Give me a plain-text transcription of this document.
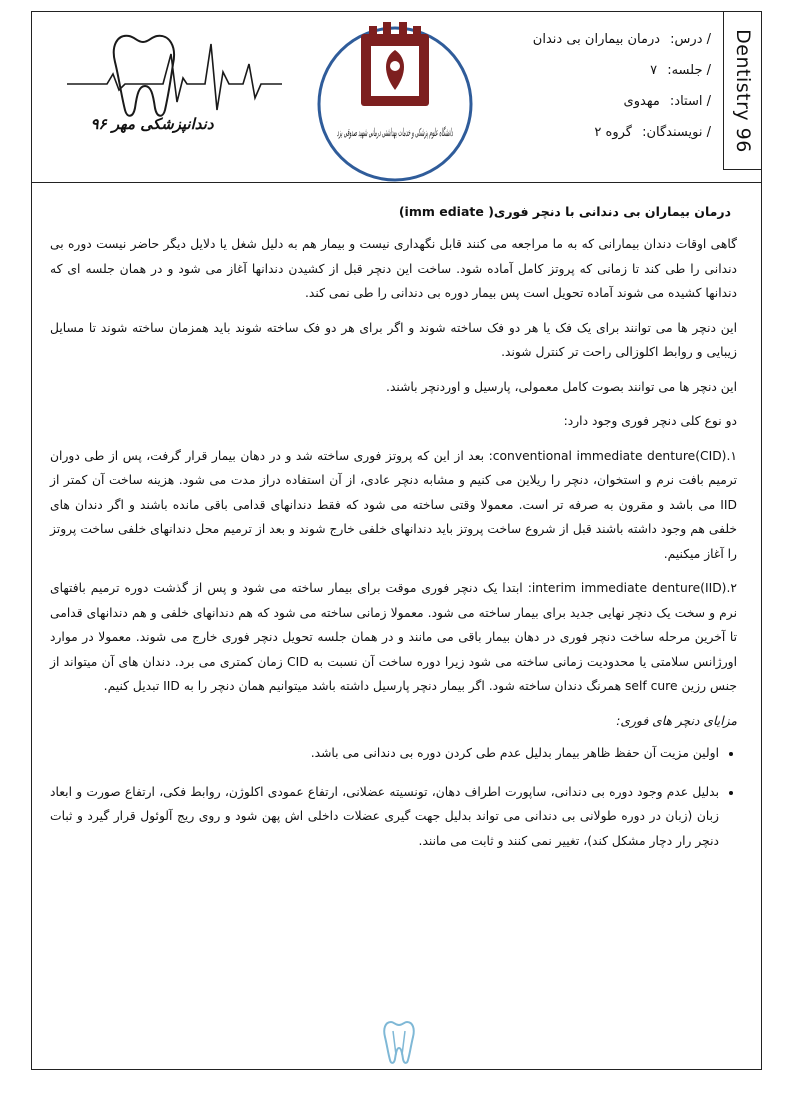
Dentistry 96
/ درس: درمان بیماران بی دندان
/ جلسه: ۷
/ استاد: مهدوی
/ نویسندگان: گروه ۲
دانشگاه علوم پزشکی و خدمات بهداشتی درمانی شهید صدوقی یزد
دندانپزشکی مهر ۹۶
درمان بیماران بی دندانی با دنچر فوری( imm ediate)

گاهی اوقات دندان بیمارانی که به ما مراجعه می کنند قابل نگهداری نیست و بیمار هم به دلیل شغل یا دلایل دیگر حاضر نیست دوره بی دندانی را طی کند تا زمانی که پروتز کامل آماده شود. ساخت این دنچر قبل از کشیدن دندانها آغاز می شود و در همان جلسه ای که دندانها کشیده می شوند آماده تحویل است پس بیمار دوره بی دندانی را طی نمی کند.

این دنچر ها می توانند برای یک فک یا هر دو فک ساخته شوند و اگر برای هر دو فک ساخته شوند باید همزمان ساخته شوند تا مسایل زیبایی و روابط اکلوزالی راحت تر کنترل شوند.

این دنچر ها می توانند بصوت کامل معمولی، پارسیل و اوردنچر باشند.

دو نوع کلی دنچر فوری وجود دارد:

۱.conventional immediate denture(CID): بعد از این که پروتز فوری ساخته شد و در دهان بیمار قرار گرفت، پس از طی دوران ترمیم بافت نرم و استخوان، دنچر را ریلاین می کنیم و مشابه دنچر عادی، از آن استفاده دراز مدت می شود. هزینه ساخت آن کمتر از IID می باشد و مقرون به صرفه تر است. معمولا وقتی ساخته می شود که فقط دندانهای قدامی باقی مانده باشند و اگر دندان های خلفی هم وجود داشته باشند قبل از شروع ساخت پروتز باید دندانهای خلفی خارج شوند و بعد از ترمیم محل دندانهای خلفی ساخت پروتز را آغاز میکنیم.

۲.interim immediate denture(IID): ابتدا یک دنچر فوری موقت برای بیمار ساخته می شود و پس از گذشت دوره ترمیم بافتهای نرم و سخت یک دنچر نهایی جدید برای بیمار ساخته می شود. معمولا زمانی ساخته می شود که هم دندانهای خلفی و هم دندانهای قدامی تا آخرین مرحله ساخت دنچر فوری در دهان بیمار باقی می مانند و در همان جلسه تحویل دنچر فوری خارج می شوند. معمولا در موارد اورژانس سلامتی یا محدودیت زمانی ساخته می شود زیرا دوره ساخت آن نسبت به CID زمان کمتری می برد. دندان های آن میتواند از جنس رزین self cure همرنگ دندان ساخته شود. اگر بیمار دنچر پارسیل داشته باشد میتوانیم همان دنچر را به IID تبدیل کنیم.

مزایای دنچر های فوری:

• اولین مزیت آن حفظ ظاهر بیمار بدلیل عدم طی کردن دوره بی دندانی می باشد.
• بدلیل عدم وجود دوره بی دندانی، ساپورت اطراف دهان، تونسیته عضلانی، ارتفاع عمودی اکلوژن، روابط فکی، ارتفاع صورت و ابعاد زبان (زبان در دوره طولانی بی دندانی می تواند بدلیل جهت گیری عضلات داخلی اش پهن شود و روی ریج آلوئول قرار گیرد و ثبات دنچر رار دچار مشکل کند)، تغییر نمی کنند و ثابت می مانند.
